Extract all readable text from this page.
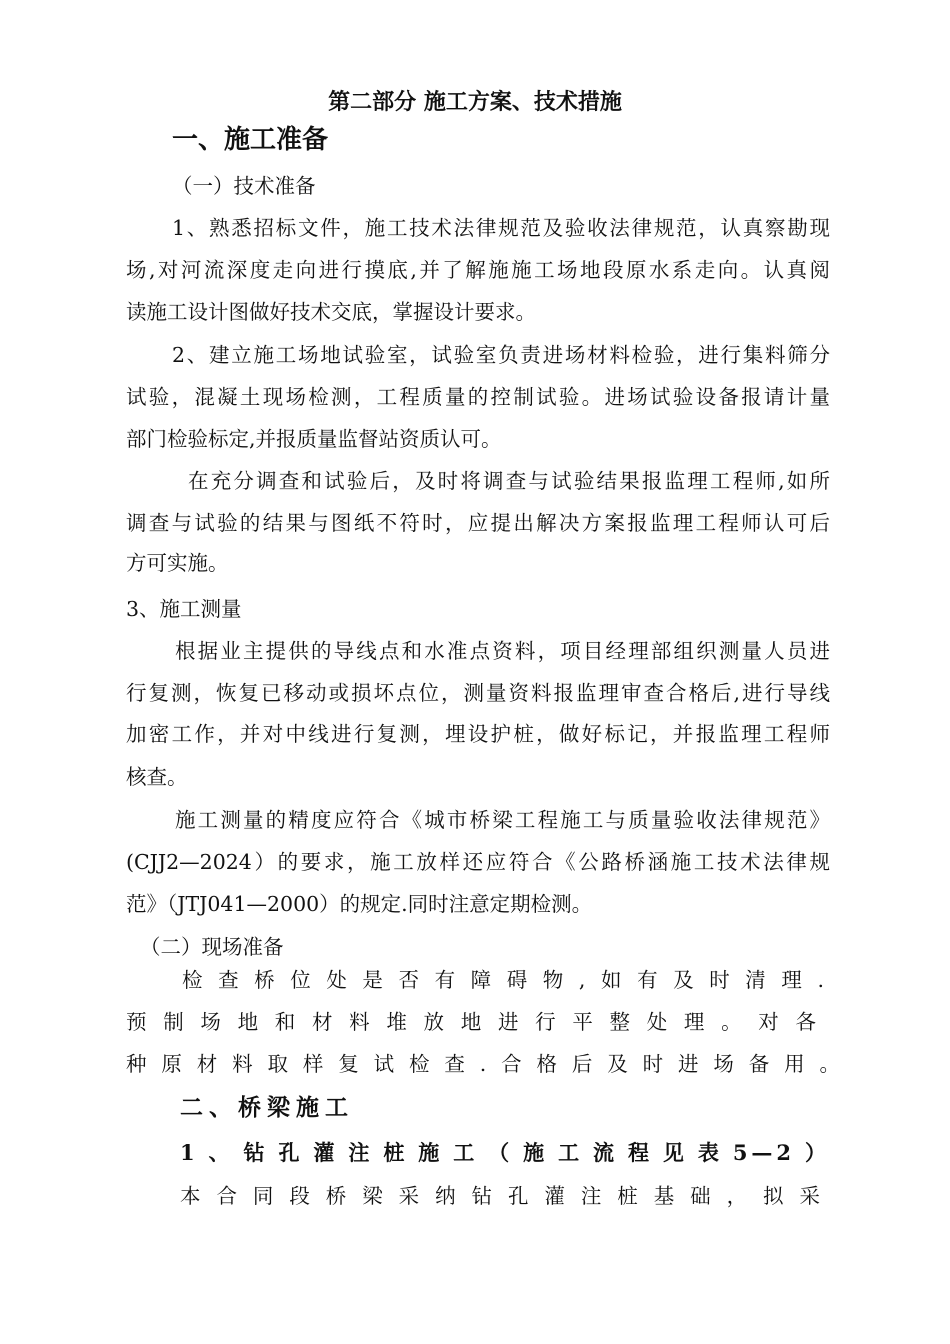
第二部分 施工方案、技术措施
一、施工准备
（一）技术准备
1、熟悉招标文件，施工技术法律规范及验收法律规范，认真察勘现
场,对河流深度走向进行摸底,并了解施施工场地段原水系走向。认真阅
读施工设计图做好技术交底，掌握设计要求。
2、建立施工场地试验室，试验室负责进场材料检验，进行集料筛分
试验，混凝土现场检测，工程质量的控制试验。进场试验设备报请计量
部门检验标定,并报质量监督站资质认可。
在充分调查和试验后，及时将调查与试验结果报监理工程师,如所
调查与试验的结果与图纸不符时，应提出解决方案报监理工程师认可后
方可实施。
3、施工测量
根据业主提供的导线点和水准点资料，项目经理部组织测量人员进
行复测，恢复已移动或损坏点位，测量资料报监理审查合格后,进行导线
加密工作，并对中线进行复测，埋设护桩，做好标记，并报监理工程师
核查。
施工测量的精度应符合《城市桥梁工程施工与质量验收法律规范》
(CJJ2—2024）的要求，施工放样还应符合《公路桥涵施工技术法律规
范》（JTJ041—2000）的规定.同时注意定期检测。
（二）现场准备
检查桥位处是否有障碍物,如有及时清理.
预制场地和材料堆放地进行平整处理。对各
种原材料取样复试检查.合格后及时进场备用。
二、桥梁施工
1、钻孔灌注桩施工（施工流程见表5—2）
本合同段桥梁采纳钻孔灌注桩基础，拟采
